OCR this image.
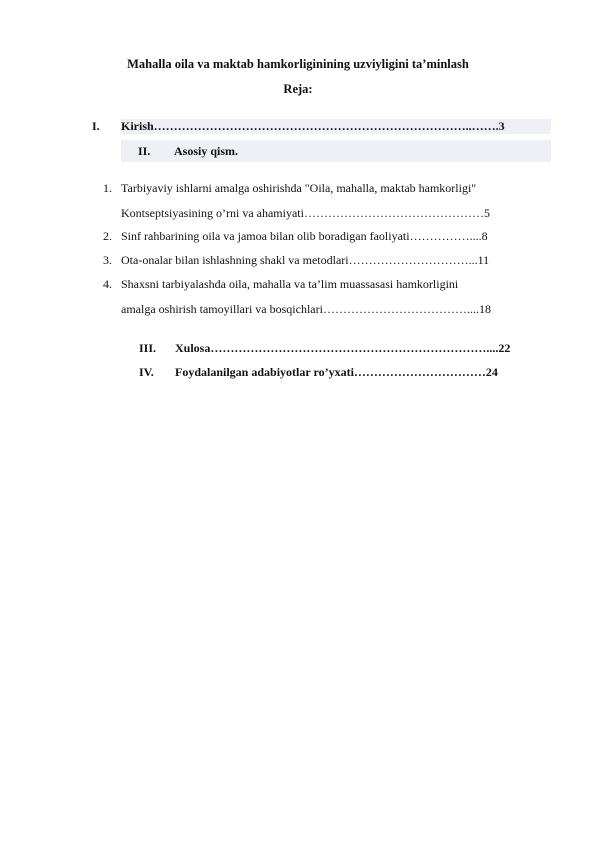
Mahalla oila va maktab hamkorliginining uzviyligini ta’minlash
Reja:
I. Kirish……………………………………………………………………..…….3
II. Asosiy qism.
1. Tarbiyaviy ishlarni amalga oshirishda "Oila, mahalla, maktab hamkorligi"
Kontseptsiyasining o’rni va ahamiyati………………………………………5
2. Sinf rahbarining oila va jamoa bilan olib boradigan faoliyati……………....8
3. Ota-onalar bilan ishlashning shakl va metodlari…………………………...11
4. Shaxsni tarbiyalashda oila, mahalla va ta’lim muassasasi hamkorligini
amalga oshirish tamoyillari va bosqichlari………………………………....18
III. Xulosa……………………………………………………………....22
IV. Foydalanilgan adabiyotlar ro’yxati……………………………24
